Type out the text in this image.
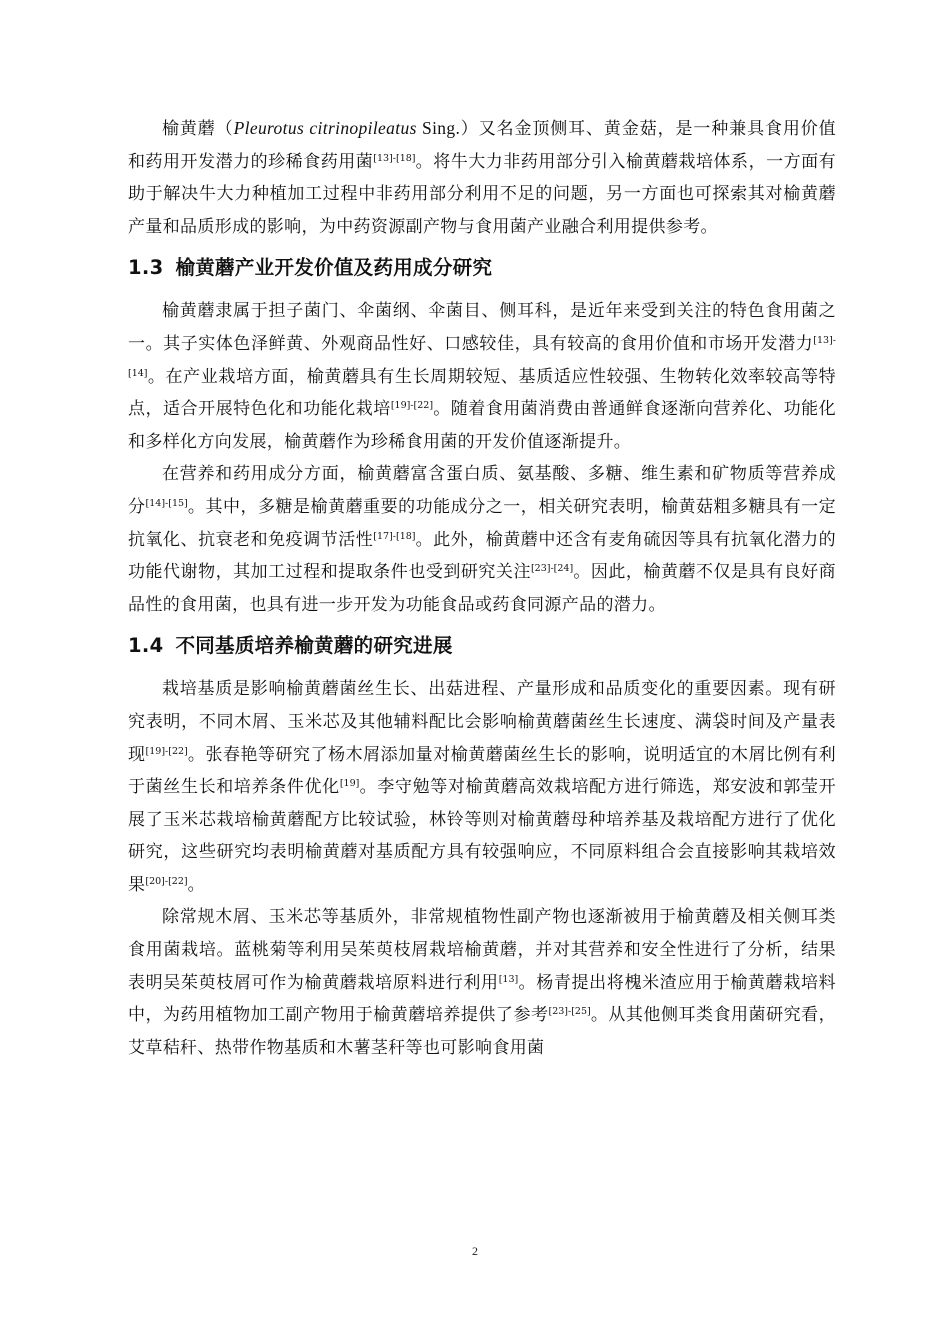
榆黄蘑（Pleurotus citrinopileatus Sing.）又名金顶侧耳、黄金菇，是一种兼具食用价值和药用开发潜力的珍稀食药用菌[13]-[18]。将牛大力非药用部分引入榆黄蘑栽培体系，一方面有助于解决牛大力种植加工过程中非药用部分利用不足的问题，另一方面也可探索其对榆黄蘑产量和品质形成的影响，为中药资源副产物与食用菌产业融合利用提供参考。

1.3 榆黄蘑产业开发价值及药用成分研究

榆黄蘑隶属于担子菌门、伞菌纲、伞菌目、侧耳科，是近年来受到关注的特色食用菌之一。其子实体色泽鲜黄、外观商品性好、口感较佳，具有较高的食用价值和市场开发潜力[13]-[14]。在产业栽培方面，榆黄蘑具有生长周期较短、基质适应性较强、生物转化效率较高等特点，适合开展特色化和功能化栽培[19]-[22]。随着食用菌消费由普通鲜食逐渐向营养化、功能化和多样化方向发展，榆黄蘑作为珍稀食用菌的开发价值逐渐提升。

在营养和药用成分方面，榆黄蘑富含蛋白质、氨基酸、多糖、维生素和矿物质等营养成分[14]-[15]。其中，多糖是榆黄蘑重要的功能成分之一，相关研究表明，榆黄菇粗多糖具有一定抗氧化、抗衰老和免疫调节活性[17]-[18]。此外，榆黄蘑中还含有麦角硫因等具有抗氧化潜力的功能代谢物，其加工过程和提取条件也受到研究关注[23]-[24]。因此，榆黄蘑不仅是具有良好商品性的食用菌，也具有进一步开发为功能食品或药食同源产品的潜力。

1.4 不同基质培养榆黄蘑的研究进展

栽培基质是影响榆黄蘑菌丝生长、出菇进程、产量形成和品质变化的重要因素。现有研究表明，不同木屑、玉米芯及其他辅料配比会影响榆黄蘑菌丝生长速度、满袋时间及产量表现[19]-[22]。张春艳等研究了杨木屑添加量对榆黄蘑菌丝生长的影响，说明适宜的木屑比例有利于菌丝生长和培养条件优化[19]。李守勉等对榆黄蘑高效栽培配方进行筛选，郑安波和郭莹开展了玉米芯栽培榆黄蘑配方比较试验，林铃等则对榆黄蘑母种培养基及栽培配方进行了优化研究，这些研究均表明榆黄蘑对基质配方具有较强响应，不同原料组合会直接影响其栽培效果[20]-[22]。

除常规木屑、玉米芯等基质外，非常规植物性副产物也逐渐被用于榆黄蘑及相关侧耳类食用菌栽培。蓝桃菊等利用吴茱萸枝屑栽培榆黄蘑，并对其营养和安全性进行了分析，结果表明吴茱萸枝屑可作为榆黄蘑栽培原料进行利用[13]。杨青提出将槐米渣应用于榆黄蘑栽培料中，为药用植物加工副产物用于榆黄蘑培养提供了参考[23]-[25]。从其他侧耳类食用菌研究看，艾草秸秆、热带作物基质和木薯茎秆等也可影响食用菌

2
